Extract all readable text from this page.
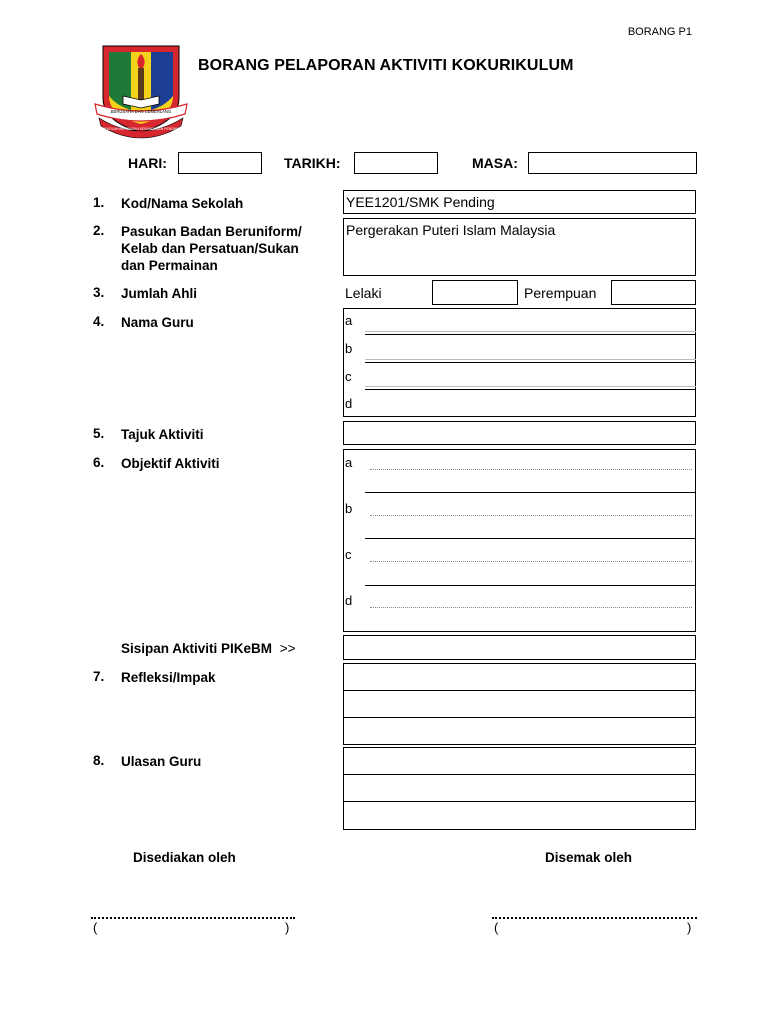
BORANG P1
BERUSAHA DAN CEMERLANG
SEKOLAH MENENGAH KEBANGSAAN PENDING
BORANG PELAPORAN AKTIVITI KOKURIKULUM
HARI:	TARIKH:	MASA:
1. Kod/Nama Sekolah	YEE1201/SMK Pending
2. Pasukan Badan Beruniform/
Kelab dan Persatuan/Sukan
dan Permainan
Pergerakan Puteri Islam Malaysia
3. Jumlah Ahli	Lelaki	Perempuan
4. Nama Guru	a
b
c
d
5. Tajuk Aktiviti
6. Objektif Aktiviti	a
b
c
d
Sisipan Aktiviti PIKeBM >>
7. Refleksi/Impak
8. Ulasan Guru
Disediakan oleh	Disemak oleh
(	)	(	)
